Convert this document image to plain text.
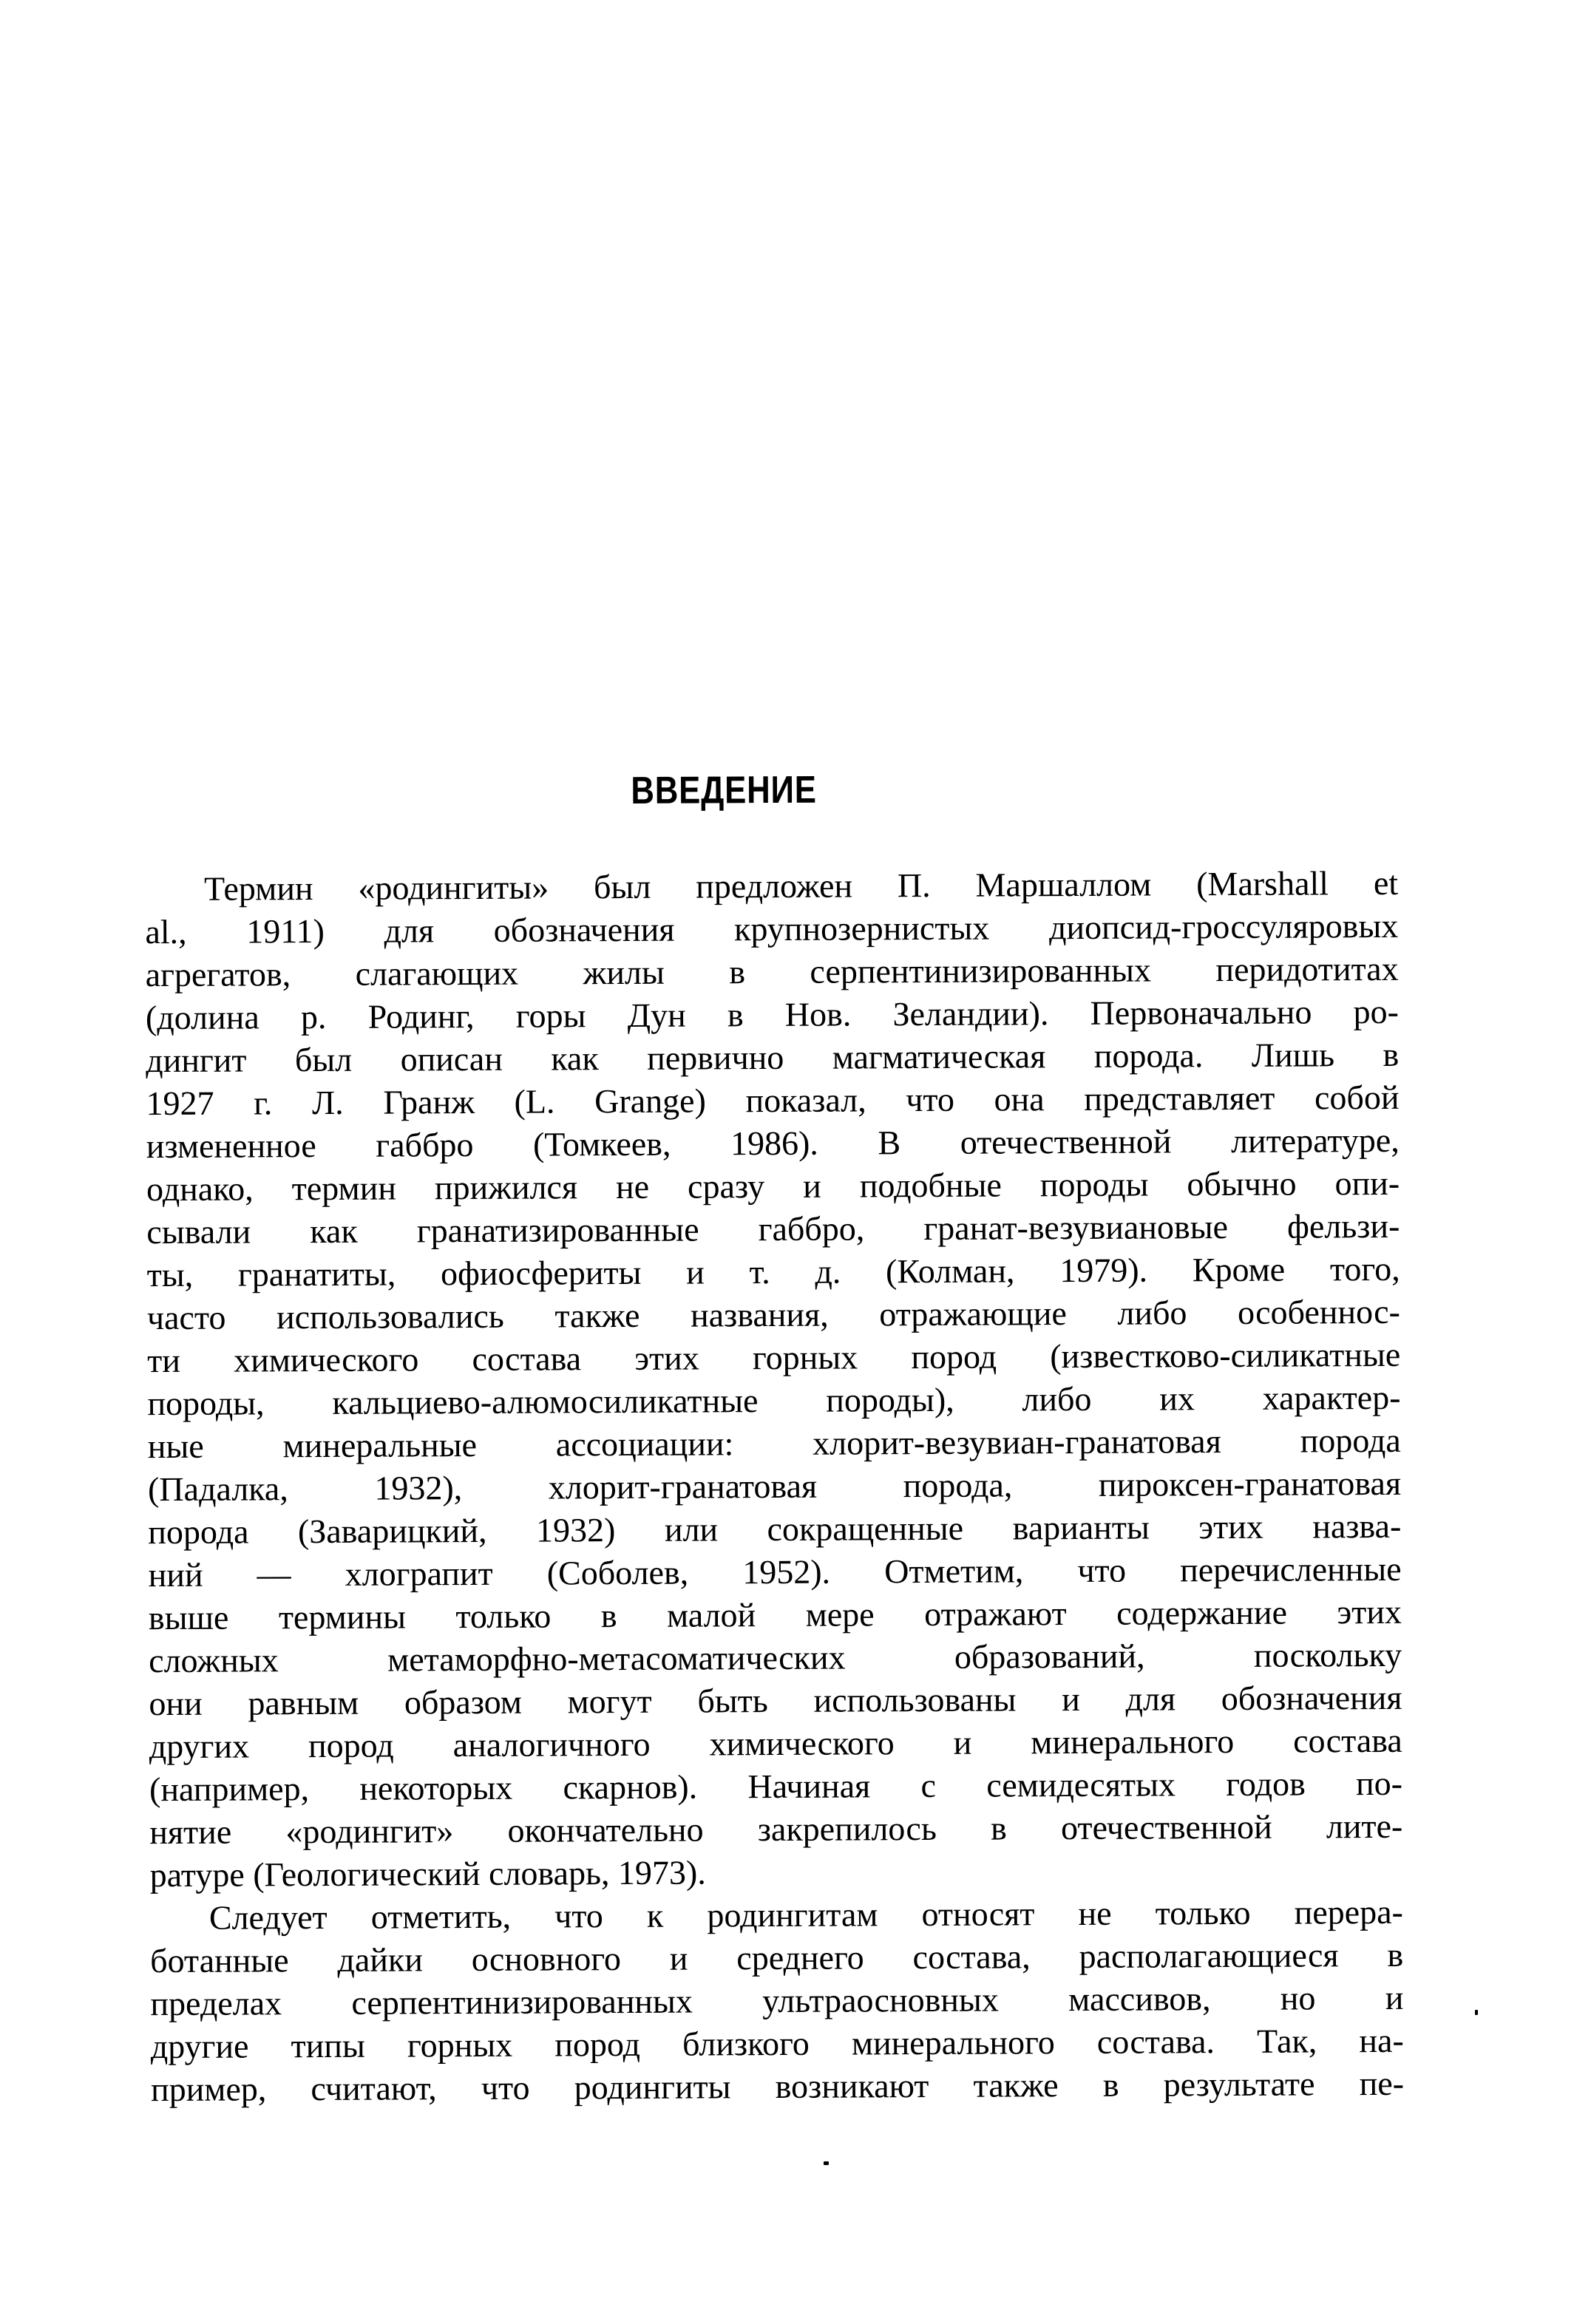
ВВЕДЕНИЕ
Термин «родингиты» был предложен П. Маршаллом (Marshall et
al., 1911) для обозначения крупнозернистых диопсид-гроссуляровых
агрегатов, слагающих жилы в серпентинизированных перидотитах
(долина р. Родинг, горы Дун в Нов. Зеландии). Первоначально ро-
дингит был описан как первично магматическая порода. Лишь в
1927 г. Л. Гранж (L. Grange) показал, что она представляет собой
измененное габбро (Томкеев, 1986). В отечественной литературе,
однако, термин прижился не сразу и подобные породы обычно опи-
сывали как гранатизированные габбро, гранат-везувиановые фельзи-
ты, гранатиты, офиосфериты и т. д. (Колман, 1979). Кроме того,
часто использовались также названия, отражающие либо особеннос-
ти химического состава этих горных пород (известково-силикатные
породы, кальциево-алюмосиликатные породы), либо их характер-
ные минеральные ассоциации: хлорит-везувиан-гранатовая порода
(Падалка, 1932), хлорит-гранатовая порода, пироксен-гранатовая
порода (Заварицкий, 1932) или сокращенные варианты этих назва-
ний — хлограпит (Соболев, 1952). Отметим, что перечисленные
выше термины только в малой мере отражают содержание этих
сложных метаморфно-метасоматических образований, поскольку
они равным образом могут быть использованы и для обозначения
других пород аналогичного химического и минерального состава
(например, некоторых скарнов). Начиная с семидесятых годов по-
нятие «родингит» окончательно закрепилось в отечественной лите-
ратуре (Геологический словарь, 1973).
Следует отметить, что к родингитам относят не только перера-
ботанные дайки основного и среднего состава, располагающиеся в
пределах серпентинизированных ультраосновных массивов, но и
другие типы горных пород близкого минерального состава. Так, на-
пример, считают, что родингиты возникают также в результате пе-
